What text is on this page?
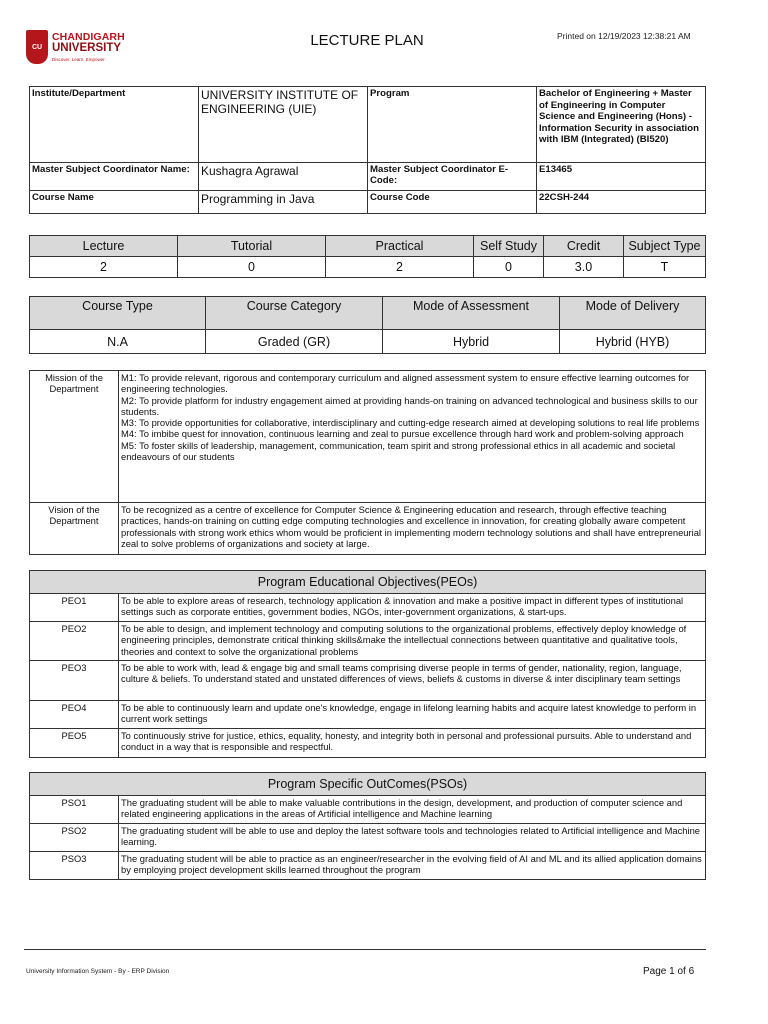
CU
CHANDIGARH
UNIVERSITY
Discover. Learn. Empower.
LECTURE PLAN	Printed on 12/19/2023 12:38:21 AM
Institute/Department	UNIVERSITY INSTITUTE OF ENGINEERING (UIE)	Program	Bachelor of Engineering + Master of Engineering in Computer Science and Engineering (Hons) - Information Security in association with IBM (Integrated) (BI520)
Master Subject Coordinator Name:	Kushagra Agrawal	Master Subject Coordinator E-Code:	E13465
Course Name	Programming in Java	Course Code	22CSH-244
Lecture	Tutorial	Practical	Self Study	Credit	Subject Type
2	0	2	0	3.0	T
Course Type	Course Category	Mode of Assessment	Mode of Delivery
N.A	Graded (GR)	Hybrid	Hybrid (HYB)
Mission of the Department	M1: To provide relevant, rigorous and contemporary curriculum and aligned assessment system to ensure effective learning outcomes for engineering technologies.

M2: To provide platform for industry engagement aimed at providing hands-on training on advanced technological and business skills to our students.

M3: To provide opportunities for collaborative, interdisciplinary and cutting-edge research aimed at developing solutions to real life problems

M4: To imbibe quest for innovation, continuous learning and zeal to pursue excellence through hard work and problem-solving approach

M5: To foster skills of leadership, management, communication, team spirit and strong professional ethics in all academic and societal endeavours of our students

Vision of the Department	To be recognized as a centre of excellence for Computer Science & Engineering education and research, through effective teaching practices, hands-on training on cutting edge computing technologies and excellence in innovation, for creating globally aware competent professionals with strong work ethics whom would be proficient in implementing modern technology solutions and shall have entrepreneurial zeal to solve problems of organizations and society at large.
Program Educational Objectives(PEOs)	
PEO1	To be able to explore areas of research, technology application & innovation and make a positive impact in different types of institutional settings such as corporate entities, government bodies, NGOs, inter-government organizations, & start-ups.
PEO2	To be able to design, and implement technology and computing solutions to the organizational problems, effectively deploy knowledge of engineering principles, demonstrate critical thinking skills&make the intellectual connections between quantitative and qualitative tools, theories and context to solve the organizational problems
PEO3	To be able to work with, lead & engage big and small teams comprising diverse people in terms of gender, nationality, region, language, culture & beliefs. To understand stated and unstated differences of views, beliefs & customs in diverse & inter disciplinary team settings
PEO4	To be able to continuously learn and update one's knowledge, engage in lifelong learning habits and acquire latest knowledge to perform in current work settings
PEO5	To continuously strive for justice, ethics, equality, honesty, and integrity both in personal and professional pursuits. Able to understand and conduct in a way that is responsible and respectful.
Program Specific OutComes(PSOs)	
PSO1	The graduating student will be able to make valuable contributions in the design, development, and production of computer science and related engineering applications in the areas of Artificial intelligence and Machine learning
PSO2	The graduating student will be able to use and deploy the latest software tools and technologies related to Artificial intelligence and Machine learning.
PSO3	The graduating student will be able to practice as an engineer/researcher in the evolving field of AI and ML and its allied application domains by employing project development skills learned throughout the program
University Information System - By - ERP Division	Page 1 of 6
